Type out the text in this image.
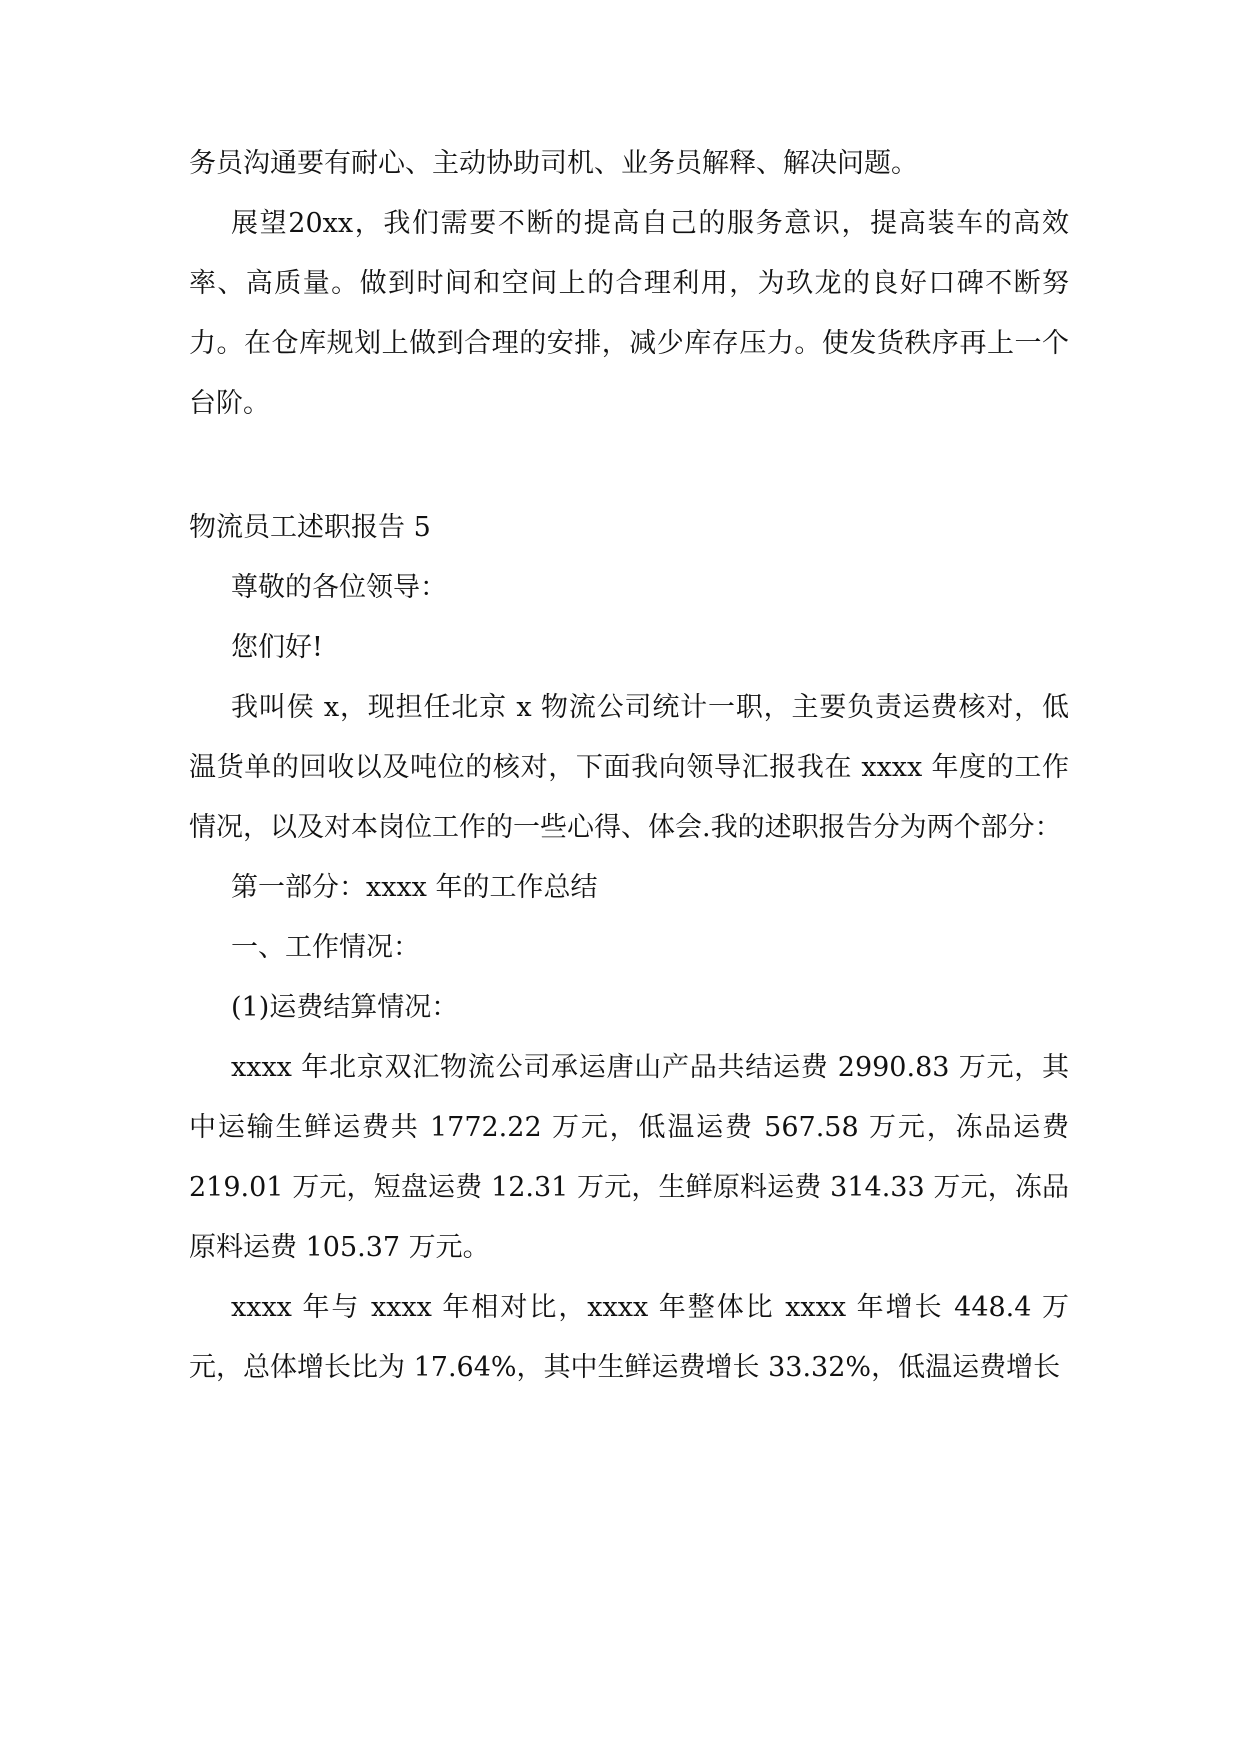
务员沟通要有耐心、主动协助司机、业务员解释、解决问题。

展望20xx，我们需要不断的提高自己的服务意识，提高装车的高效率、高质量。做到时间和空间上的合理利用，为玖龙的良好口碑不断努力。在仓库规划上做到合理的安排，减少库存压力。使发货秩序再上一个台阶。

物流员工述职报告 5

尊敬的各位领导：

您们好!

我叫侯 x，现担任北京 x 物流公司统计一职，主要负责运费核对，低温货单的回收以及吨位的核对，下面我向领导汇报我在 xxxx 年度的工作情况，以及对本岗位工作的一些心得、体会.我的述职报告分为两个部分：

第一部分：xxxx 年的工作总结

一、工作情况：

(1)运费结算情况：

xxxx 年北京双汇物流公司承运唐山产品共结运费 2990.83 万元，其中运输生鲜运费共 1772.22 万元，低温运费 567.58 万元，冻品运费 219.01 万元，短盘运费 12.31 万元，生鲜原料运费 314.33 万元，冻品原料运费 105.37 万元。

xxxx 年与 xxxx 年相对比，xxxx 年整体比 xxxx 年增长 448.4 万元，总体增长比为 17.64%，其中生鲜运费增长 33.32%，低温运费增长
